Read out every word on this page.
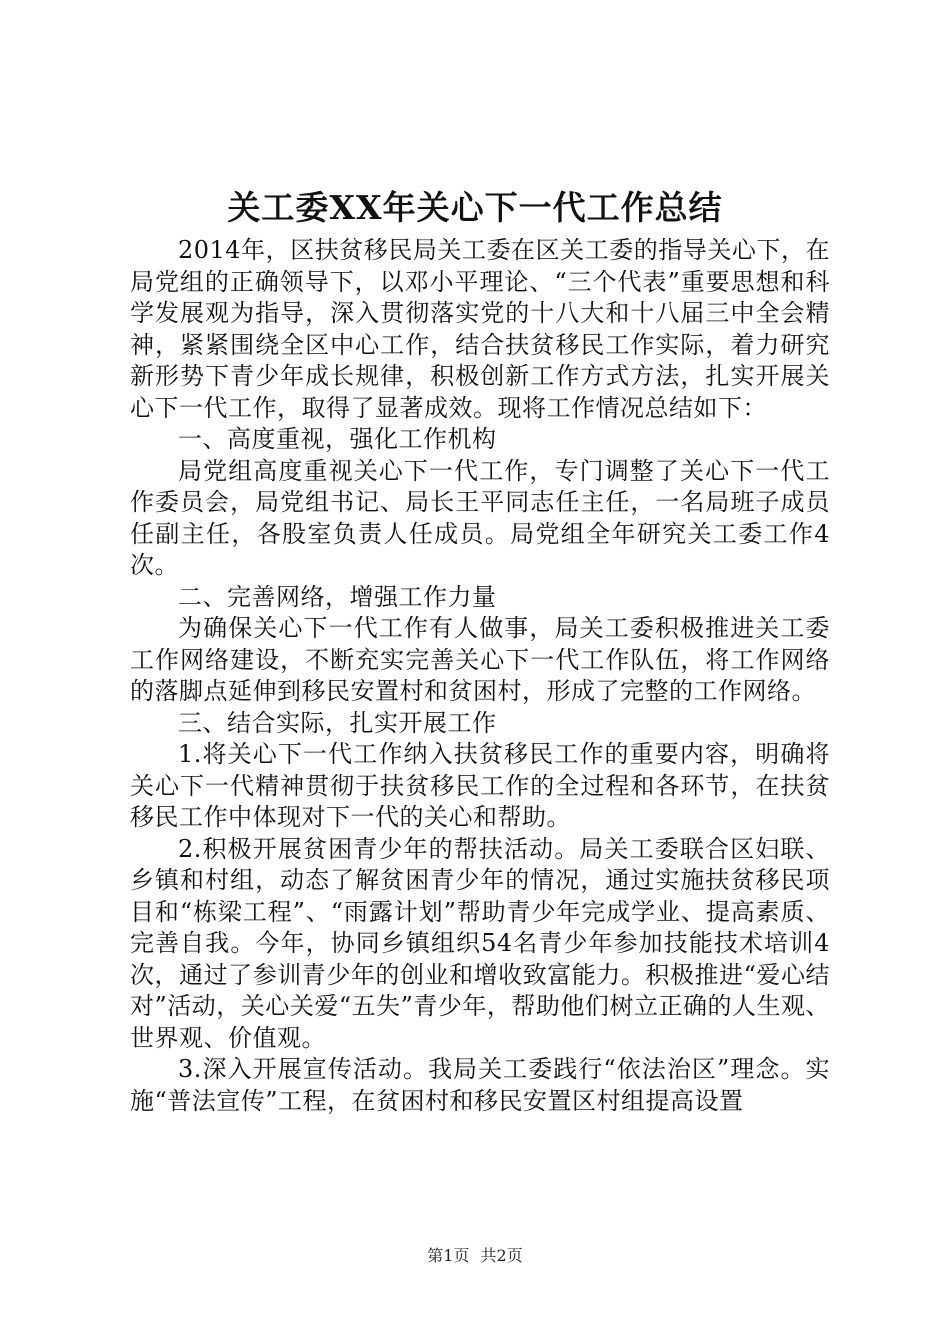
关工委XX年关心下一代工作总结

2014年，区扶贫移民局关工委在区关工委的指导关心下，在局党组的正确领导下，以邓小平理论、“三个代表”重要思想和科学发展观为指导，深入贯彻落实党的十八大和十八届三中全会精神，紧紧围绕全区中心工作，结合扶贫移民工作实际，着力研究新形势下青少年成长规律，积极创新工作方式方法，扎实开展关心下一代工作，取得了显著成效。现将工作情况总结如下：

一、高度重视，强化工作机构

局党组高度重视关心下一代工作，专门调整了关心下一代工作委员会，局党组书记、局长王平同志任主任，一名局班子成员任副主任，各股室负责人任成员。局党组全年研究关工委工作4次。

二、完善网络，增强工作力量

为确保关心下一代工作有人做事，局关工委积极推进关工委工作网络建设，不断充实完善关心下一代工作队伍，将工作网络的落脚点延伸到移民安置村和贫困村，形成了完整的工作网络。

三、结合实际，扎实开展工作

1.将关心下一代工作纳入扶贫移民工作的重要内容，明确将关心下一代精神贯彻于扶贫移民工作的全过程和各环节，在扶贫移民工作中体现对下一代的关心和帮助。

2.积极开展贫困青少年的帮扶活动。局关工委联合区妇联、乡镇和村组，动态了解贫困青少年的情况，通过实施扶贫移民项目和“栋梁工程”、“雨露计划”帮助青少年完成学业、提高素质、完善自我。今年，协同乡镇组织54名青少年参加技能技术培训4次，通过了参训青少年的创业和增收致富能力。积极推进“爱心结对”活动，关心关爱“五失”青少年，帮助他们树立正确的人生观、世界观、价值观。

3.深入开展宣传活动。我局关工委践行“依法治区”理念。实施“普法宣传”工程，在贫困村和移民安置区村组提高设置

第1页 共2页
